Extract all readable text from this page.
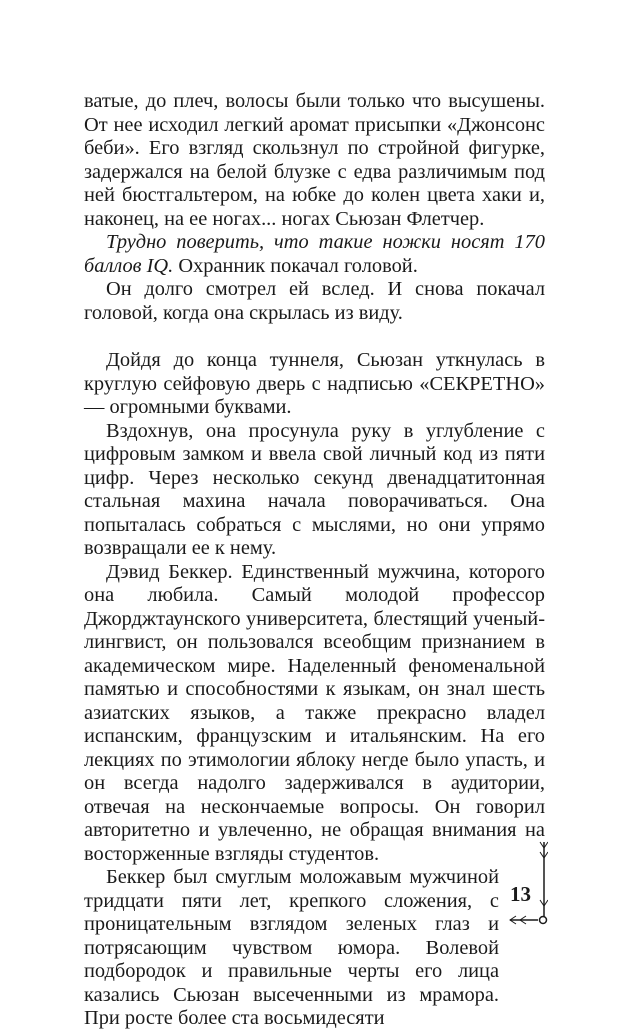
ватые, до плеч, волосы были только что высушены. От нее исходил легкий аромат присыпки «Джонсонс беби». Его взгляд скользнул по стройной фигурке, задержался на белой блузке с едва различимым под ней бюстгальтером, на юбке до колен цвета хаки и, наконец, на ее ногах... ногах Сьюзан Флетчер.

Трудно поверить, что такие ножки носят 170 баллов IQ. Охранник покачал головой.

Он долго смотрел ей вслед. И снова покачал головой, когда она скрылась из виду.

Дойдя до конца туннеля, Сьюзан уткнулась в круглую сейфовую дверь с надписью «СЕКРЕТНО» — огромными буквами.

Вздохнув, она просунула руку в углубление с цифровым замком и ввела свой личный код из пяти цифр. Через несколько секунд двенадцатитонная стальная махина начала поворачиваться. Она попыталась собраться с мыслями, но они упрямо возвращали ее к нему.

Дэвид Беккер. Единственный мужчина, которого она любила. Самый молодой профессор Джорджтаунского университета, блестящий ученый-лингвист, он пользовался всеобщим признанием в академическом мире. Наделенный феноменальной памятью и способностями к языкам, он знал шесть азиатских языков, а также прекрасно владел испанским, французским и итальянским. На его лекциях по этимологии яблоку негде было упасть, и он всегда надолго задерживался в аудитории, отвечая на нескончаемые вопросы. Он говорил авторитетно и увлеченно, не обращая внимания на восторженные взгляды студентов.

Беккер был смуглым моложавым мужчиной тридцати пяти лет, крепкого сложения, с проницательным взглядом зеленых глаз и потрясающим чувством юмора. Волевой подбородок и правильные черты его лица казались Сьюзан высеченными из мрамора. При росте более ста восьмидесяти

13
